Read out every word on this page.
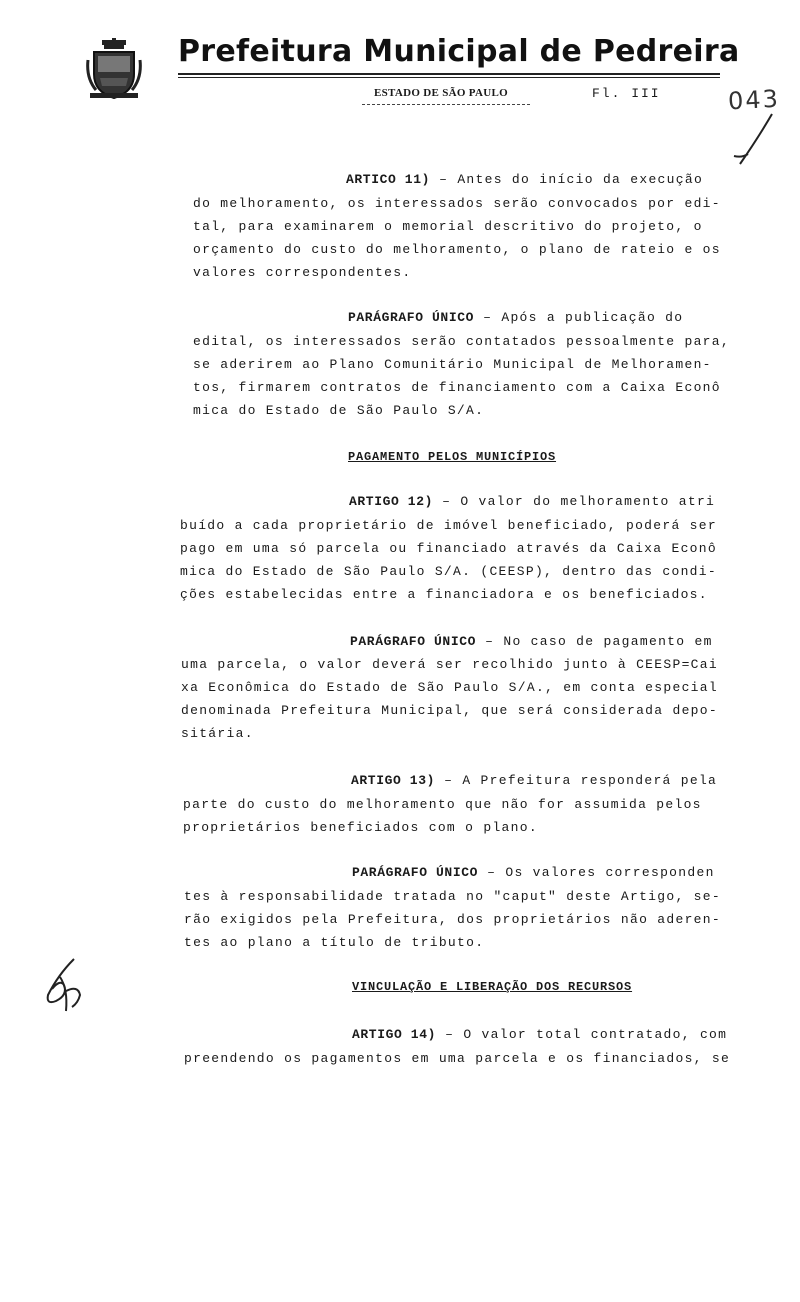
Prefeitura Municipal de Pedreira
ESTADO DE SÃO PAULO	Fl. III	043
ARTICO 11) – Antes do início da execução
do melhoramento, os interessados serão convocados por edi-
tal, para examinarem o memorial descritivo do projeto, o
orçamento do custo do melhoramento, o plano de rateio e os
valores correspondentes.
PARÁGRAFO ÚNICO – Após a publicação do
edital, os interessados serão contatados pessoalmente para,
se aderirem ao Plano Comunitário Municipal de Melhoramen-
tos, firmarem contratos de financiamento com a Caixa Econô
mica do Estado de São Paulo S/A.
PAGAMENTO PELOS MUNICÍPIOS
ARTIGO 12) – O valor do melhoramento atri
buído a cada proprietário de imóvel beneficiado, poderá ser
pago em uma só parcela ou financiado através da Caixa Econô
mica do Estado de São Paulo S/A. (CEESP), dentro das condi-
ções estabelecidas entre a financiadora e os beneficiados.
PARÁGRAFO ÚNICO – No caso de pagamento em
uma parcela, o valor deverá ser recolhido junto à CEESP=Cai
xa Econômica do Estado de São Paulo S/A., em conta especial
denominada Prefeitura Municipal, que será considerada depo-
sitária.
ARTIGO 13) – A Prefeitura responderá pela
parte do custo do melhoramento que não for assumida pelos
proprietários beneficiados com o plano.
PARÁGRAFO ÚNICO – Os valores corresponden
tes à responsabilidade tratada no "caput" deste Artigo, se-
rão exigidos pela Prefeitura, dos proprietários não aderen-
tes ao plano a título de tributo.
VINCULAÇÃO E LIBERAÇÃO DOS RECURSOS
ARTIGO 14) – O valor total contratado, com
preendendo os pagamentos em uma parcela e os financiados, se
